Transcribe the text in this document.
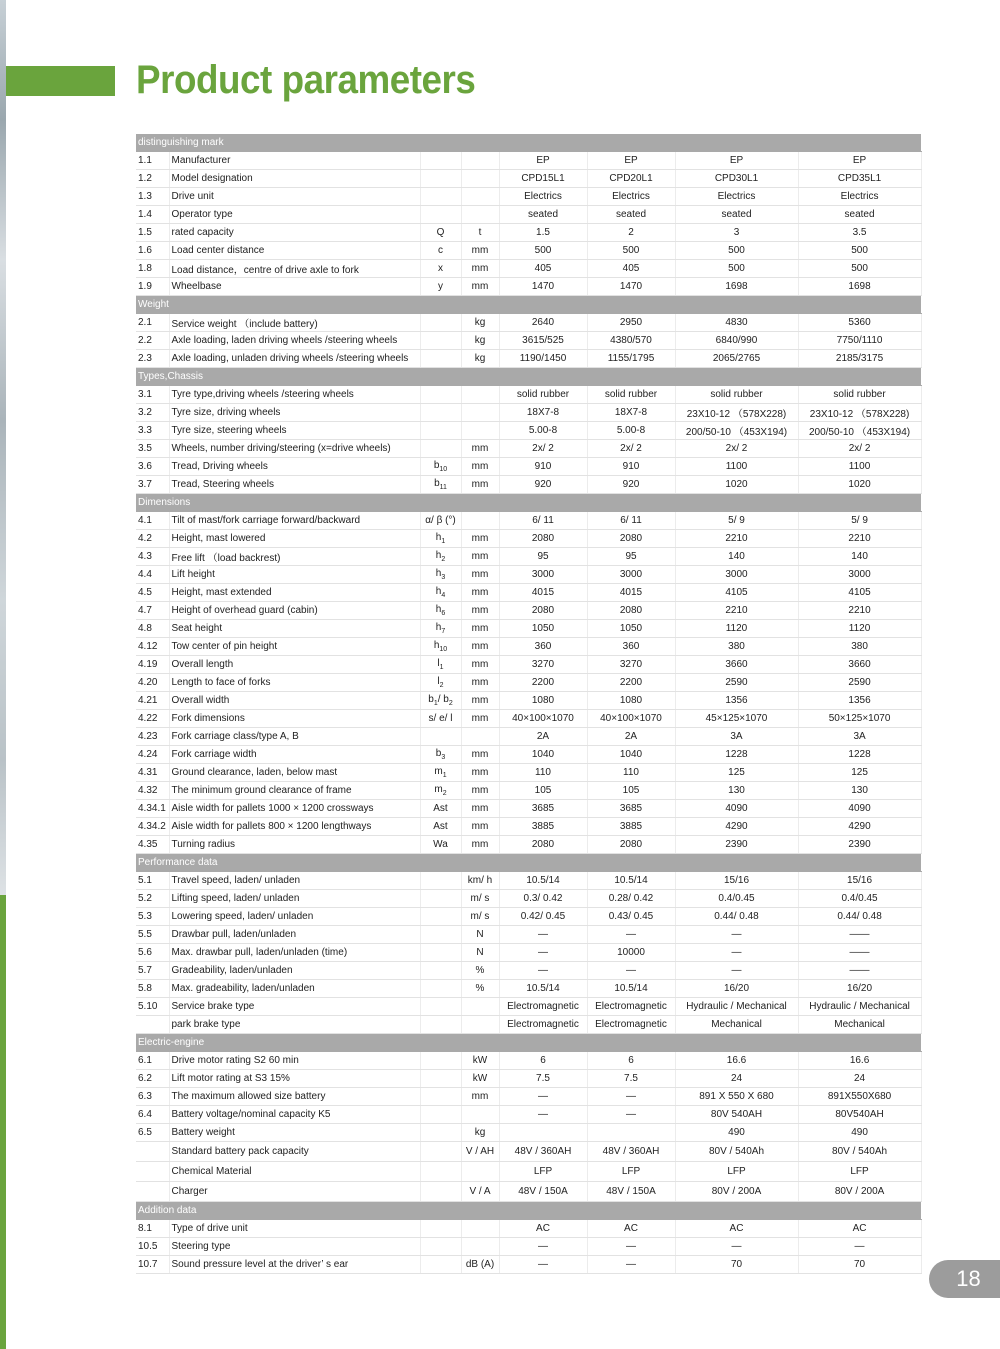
Product parameters
distinguishing mark							
1.1	Manufacturer			EP	EP	EP	EP
1.2	Model designation			CPD15L1	CPD20L1	CPD30L1	CPD35L1
1.3	Drive unit			Electrics	Electrics	Electrics	Electrics
1.4	Operator type			seated	seated	seated	seated
1.5	rated capacity	Q	t	1.5	2	3	3.5
1.6	Load center distance	c	mm	500	500	500	500
1.8	Load distance，centre of drive axle to fork	x	mm	405	405	500	500
1.9	Wheelbase	y	mm	1470	1470	1698	1698
Weight							
2.1	Service weight （include battery)		kg	2640	2950	4830	5360
2.2	Axle loading, laden driving wheels /steering wheels		kg	3615/525	4380/570	6840/990	7750/1110
2.3	Axle loading, unladen driving wheels /steering wheels		kg	1190/1450	1155/1795	2065/2765	2185/3175
Types,Chassis							
3.1	Tyre type,driving wheels /steering wheels			solid rubber	solid rubber	solid rubber	solid rubber
3.2	Tyre size, driving wheels			18X7-8	18X7-8	23X10-12 （578X228)	23X10-12 （578X228)
3.3	Tyre size, steering wheels			5.00-8	5.00-8	200/50-10 （453X194)	200/50-10 （453X194)
3.5	Wheels, number driving/steering (x=drive wheels)		mm	2x/ 2	2x/ 2	2x/ 2	2x/ 2
3.6	Tread, Driving wheels	$b_{10}$	mm	910	910	1100	1100
3.7	Tread, Steering wheels	$b_{11}$	mm	920	920	1020	1020
Dimensions							
4.1	Tilt of mast/fork carriage forward/backward	α/ β (°)		6/ 11	6/ 11	5/ 9	5/ 9
4.2	Height, mast lowered	$h_1$	mm	2080	2080	2210	2210
4.3	Free lift （load backrest)	$h_2$	mm	95	95	140	140
4.4	Lift height	$h_3$	mm	3000	3000	3000	3000
4.5	Height, mast extended	$h_4$	mm	4015	4015	4105	4105
4.7	Height of overhead guard (cabin)	$h_6$	mm	2080	2080	2210	2210
4.8	Seat height	$h_7$	mm	1050	1050	1120	1120
4.12	Tow center of pin height	$h_{10}$	mm	360	360	380	380
4.19	Overall length	$l_1$	mm	3270	3270	3660	3660
4.20	Length to face of forks	$l_2$	mm	2200	2200	2590	2590
4.21	Overall width	$b_1/$ $b_2$	mm	1080	1080	1356	1356
4.22	Fork dimensions	s/ e/ l	mm	40×100×1070	40×100×1070	45×125×1070	50×125×1070
4.23	Fork carriage class/type A, B			2A	2A	3A	3A
4.24	Fork carriage width	$b_3$	mm	1040	1040	1228	1228
4.31	Ground clearance, laden, below mast	$m_1$	mm	110	110	125	125
4.32	The minimum ground clearance of frame	$m_2$	mm	105	105	130	130
4.34.1	Aisle width for pallets 1000 × 1200 crossways	Ast	mm	3685	3685	4090	4090
4.34.2	Aisle width for pallets 800 × 1200 lengthways	Ast	mm	3885	3885	4290	4290
4.35	Turning radius	Wa	mm	2080	2080	2390	2390
Performance data							
5.1	Travel speed, laden/ unladen		km/ h	10.5/14	10.5/14	15/16	15/16
5.2	Lifting speed, laden/ unladen		m/ s	0.3/ 0.42	0.28/ 0.42	0.4/0.45	0.4/0.45
5.3	Lowering speed, laden/ unladen		m/ s	0.42/ 0.45	0.43/ 0.45	0.44/ 0.48	0.44/ 0.48
5.5	Drawbar pull, laden/unladen		N	—	—	—	——
5.6	Max. drawbar pull, laden/unladen (time)		N	—	10000	—	——
5.7	Gradeability, laden/unladen		%	—	—	—	——
5.8	Max. gradeability, laden/unladen		%	10.5/14	10.5/14	16/20	16/20
5.10	Service brake type			Electromagnetic	Electromagnetic	Hydraulic / Mechanical	Hydraulic / Mechanical
	park brake type			Electromagnetic	Electromagnetic	Mechanical	Mechanical
Electric-engine							
6.1	Drive motor rating S2 60 min		kW	6	6	16.6	16.6
6.2	Lift motor rating at S3 15%		kW	7.5	7.5	24	24
6.3	The maximum allowed size battery		mm	—	—	891 X 550 X 680	891X550X680
6.4	Battery voltage/nominal capacity K5			—	—	80V 540AH	80V540AH
6.5	Battery weight		kg			490	490
	Standard battery pack capacity		V / AH	48V / 360AH	48V / 360AH	80V / 540Ah	80V / 540Ah
	Chemical Material			LFP	LFP	LFP	LFP
	Charger		V / A	48V / 150A	48V / 150A	80V / 200A	80V / 200A
Addition data							
8.1	Type of drive unit			AC	AC	AC	AC
10.5	Steering type			—	—	—	—
10.7	Sound pressure level at the driver’ s ear		dB (A)	—	—	70	70
18
